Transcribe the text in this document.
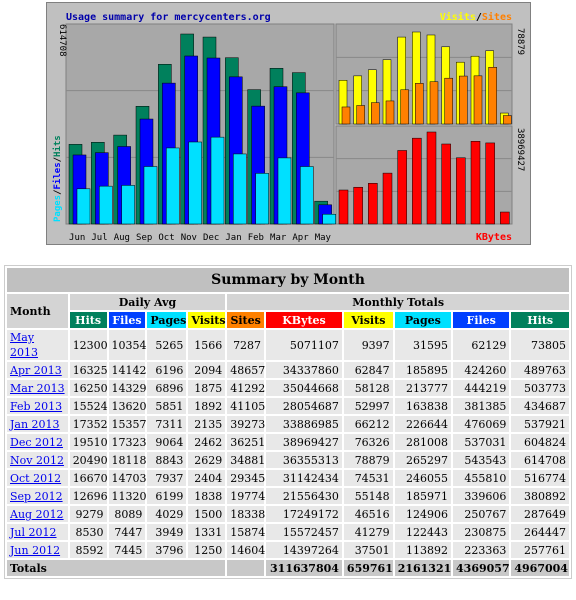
Jun Jul Aug Sep Oct Nov Dec Jan Feb Mar Apr May
Usage summary for mercycenters.org	Visits/Sites
KBytes
614708
Pages/Files/Hits
78879
38969427
Summary by Month										
Month	Daily Avg				Monthly Totals					
	Hits	Files	Pages	Visits	Sites	KBytes	Visits	Pages	Files	Hits
May 2013	12300	10354	5265	1566	7287	5071107	9397	31595	62129	73805
Apr 2013	16325	14142	6196	2094	48657	34337860	62847	185895	424260	489763
Mar 2013	16250	14329	6896	1875	41292	35044668	58128	213777	444219	503773
Feb 2013	15524	13620	5851	1892	41105	28054687	52997	163838	381385	434687
Jan 2013	17352	15357	7311	2135	39273	33886985	66212	226644	476069	537921
Dec 2012	19510	17323	9064	2462	36251	38969427	76326	281008	537031	604824
Nov 2012	20490	18118	8843	2629	34881	36355313	78879	265297	543543	614708
Oct 2012	16670	14703	7937	2404	29345	31142434	74531	246055	455810	516774
Sep 2012	12696	11320	6199	1838	19774	21556430	55148	185971	339606	380892
Aug 2012	9279	8089	4029	1500	18338	17249172	46516	124906	250767	287649
Jul 2012	8530	7447	3949	1331	15874	15572457	41279	122443	230875	264447
Jun 2012	8592	7445	3796	1250	14604	14397264	37501	113892	223363	257761
Totals						311637804	659761	2161321	4369057	4967004
